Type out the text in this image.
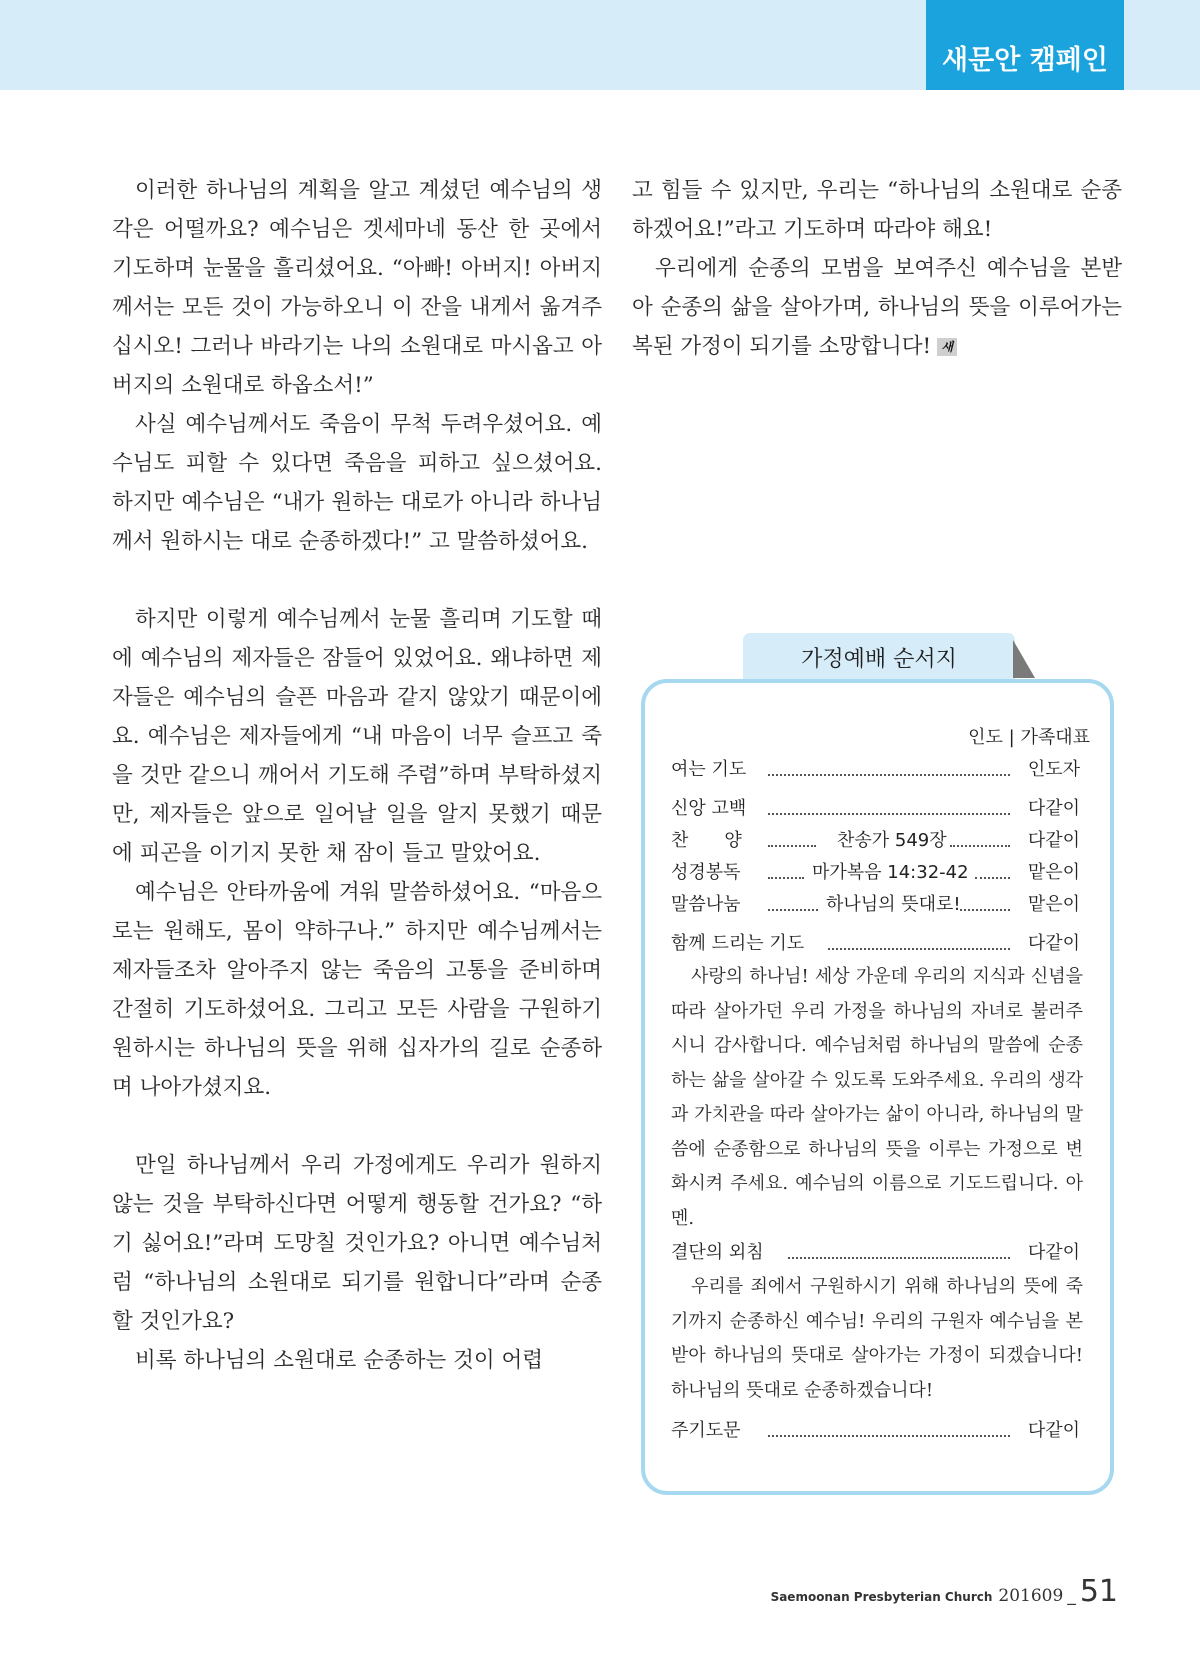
새문안 캠페인

이러한 하나님의 계획을 알고 계셨던 예수님의 생각은 어떨까요? 예수님은 겟세마네 동산 한 곳에서 기도하며 눈물을 흘리셨어요. “아빠! 아버지! 아버지께서는 모든 것이 가능하오니 이 잔을 내게서 옮겨주십시오! 그러나 바라기는 나의 소원대로 마시옵고 아버지의 소원대로 하옵소서!”

사실 예수님께서도 죽음이 무척 두려우셨어요. 예수님도 피할 수 있다면 죽음을 피하고 싶으셨어요. 하지만 예수님은 “내가 원하는 대로가 아니라 하나님께서 원하시는 대로 순종하겠다!” 고 말씀하셨어요.

하지만 이렇게 예수님께서 눈물 흘리며 기도할 때에 예수님의 제자들은 잠들어 있었어요. 왜냐하면 제자들은 예수님의 슬픈 마음과 같지 않았기 때문이에요. 예수님은 제자들에게 “내 마음이 너무 슬프고 죽을 것만 같으니 깨어서 기도해 주렴”하며 부탁하셨지만, 제자들은 앞으로 일어날 일을 알지 못했기 때문에 피곤을 이기지 못한 채 잠이 들고 말았어요.

예수님은 안타까움에 겨워 말씀하셨어요. “마음으로는 원해도, 몸이 약하구나.” 하지만 예수님께서는 제자들조차 알아주지 않는 죽음의 고통을 준비하며 간절히 기도하셨어요. 그리고 모든 사람을 구원하기 원하시는 하나님의 뜻을 위해 십자가의 길로 순종하며 나아가셨지요.

만일 하나님께서 우리 가정에게도 우리가 원하지 않는 것을 부탁하신다면 어떻게 행동할 건가요? “하기 싫어요!”라며 도망칠 것인가요? 아니면 예수님처럼 “하나님의 소원대로 되기를 원합니다”라며 순종할 것인가요?

비록 하나님의 소원대로 순종하는 것이 어렵

고 힘들 수 있지만, 우리는 “하나님의 소원대로 순종하겠어요!”라고 기도하며 따라야 해요!

우리에게 순종의 모범을 보여주신 예수님을 본받아 순종의 삶을 살아가며, 하나님의 뜻을 이루어가는 복된 가정이 되기를 소망합니다! 새

가정예배 순서지
인도 | 가족대표
여는 기도	인도자
신앙 고백	다같이
찬　　양	찬송가 549장	다같이
성경봉독	마가복음 14:32-42	맡은이
말씀나눔	하나님의 뜻대로!	맡은이
함께 드리는 기도	다같이

사랑의 하나님! 세상 가운데 우리의 지식과 신념을 따라 살아가던 우리 가정을 하나님의 자녀로 불러주시니 감사합니다. 예수님처럼 하나님의 말씀에 순종하는 삶을 살아갈 수 있도록 도와주세요. 우리의 생각과 가치관을 따라 살아가는 삶이 아니라, 하나님의 말씀에 순종함으로 하나님의 뜻을 이루는 가정으로 변화시켜 주세요. 예수님의 이름으로 기도드립니다. 아멘.

결단의 외침	다같이

우리를 죄에서 구원하시기 위해 하나님의 뜻에 죽기까지 순종하신 예수님! 우리의 구원자 예수님을 본받아 하나님의 뜻대로 살아가는 가정이 되겠습니다! 하나님의 뜻대로 순종하겠습니다!

주기도문	다같이
Saemoonan Presbyterian Church 201609 _ 51
